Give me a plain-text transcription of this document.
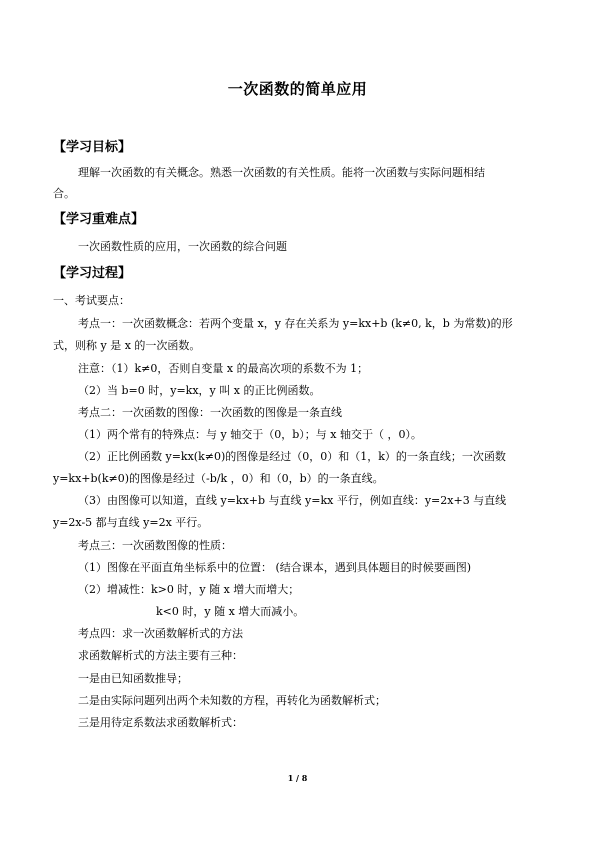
一次函数的简单应用
【学习目标】
理解一次函数的有关概念。熟悉一次函数的有关性质。能将一次函数与实际问题相结
合。
【学习重难点】
一次函数性质的应用，一次函数的综合问题
【学习过程】
一、考试要点：
考点一：一次函数概念：若两个变量 x，y 存在关系为 y=kx+b (k≠0, k，b 为常数)的形
式，则称 y 是 x 的一次函数。
注意：（1）k≠0，否则自变量 x 的最高次项的系数不为 1；
（2）当 b=0 时，y=kx，y 叫 x 的正比例函数。
考点二：一次函数的图像：一次函数的图像是一条直线
（1）两个常有的特殊点：与 y 轴交于（0，b）；与 x 轴交于（ ，0）。
（2）正比例函数 y=kx(k≠0)的图像是经过（0，0）和（1，k）的一条直线；一次函数
y=kx+b(k≠0)的图像是经过（-b/k ，0）和（0，b）的一条直线。
（3）由图像可以知道，直线 y=kx+b 与直线 y=kx 平行，例如直线：y=2x+3 与直线
y=2x-5 都与直线 y=2x 平行。
考点三：一次函数图像的性质：
（1）图像在平面直角坐标系中的位置： (结合课本，遇到具体题目的时候要画图)
（2）增减性：k>0 时，y 随 x 增大而增大；
k<0 时，y 随 x 增大而减小。
考点四：求一次函数解析式的方法
求函数解析式的方法主要有三种：
一是由已知函数推导；
二是由实际问题列出两个未知数的方程，再转化为函数解析式；
三是用待定系数法求函数解析式：
1 / 8
